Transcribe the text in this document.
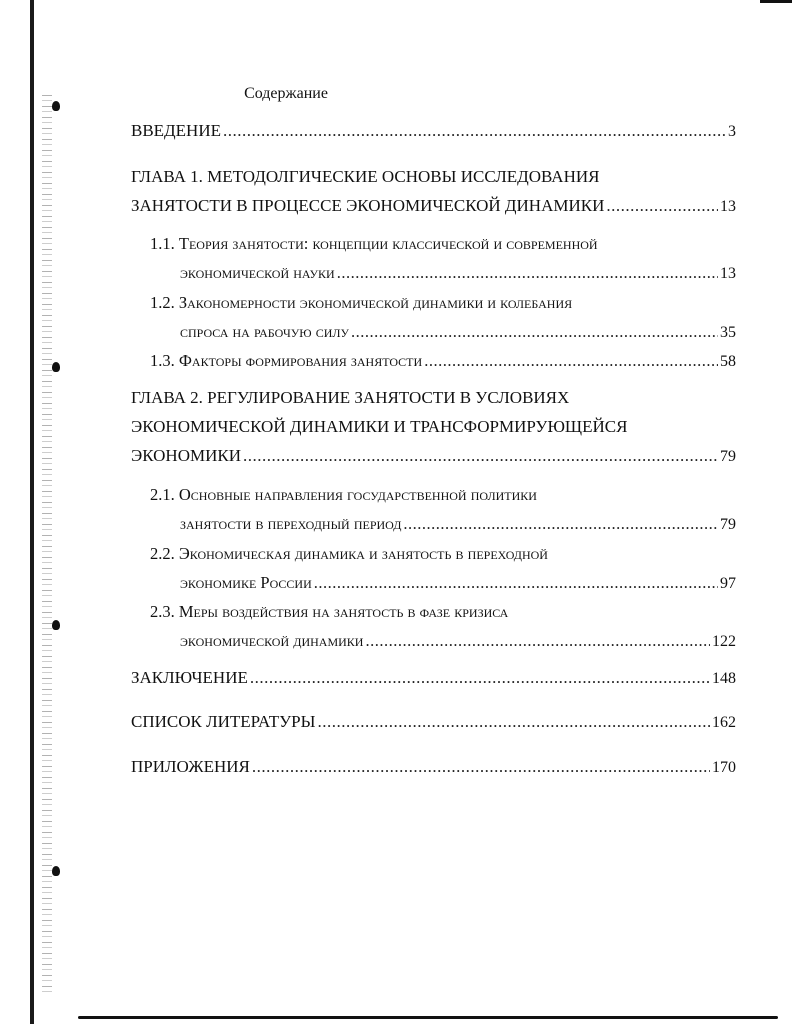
Содержание
ВВЕДЕНИЕ .....	3
ГЛАВА 1. МЕТОДОЛГИЧЕСКИЕ ОСНОВЫ ИССЛЕДОВАНИЯ
ЗАНЯТОСТИ В ПРОЦЕССЕ ЭКОНОМИЧЕСКОЙ ДИНАМИКИ .....	13
1.1. Теория занятости: концепции классической и современной
экономической науки .....	13
1.2. Закономерности экономической динамики и колебания
спроса на рабочую силу .....	35
1.3. Факторы формирования занятости .....	58
ГЛАВА 2. РЕГУЛИРОВАНИЕ ЗАНЯТОСТИ В УСЛОВИЯХ
ЭКОНОМИЧЕСКОЙ ДИНАМИКИ И ТРАНСФОРМИРУЮЩЕЙСЯ
ЭКОНОМИКИ .....	79
2.1. Основные направления государственной политики
занятости в переходный период .....	79
2.2. Экономическая динамика и занятость в переходной
экономике России .....	97
2.3. Меры воздействия на занятость в фазе кризиса
экономической динамики .....	122
ЗАКЛЮЧЕНИЕ .....	148
СПИСОК ЛИТЕРАТУРЫ .....	162
ПРИЛОЖЕНИЯ .....	170
